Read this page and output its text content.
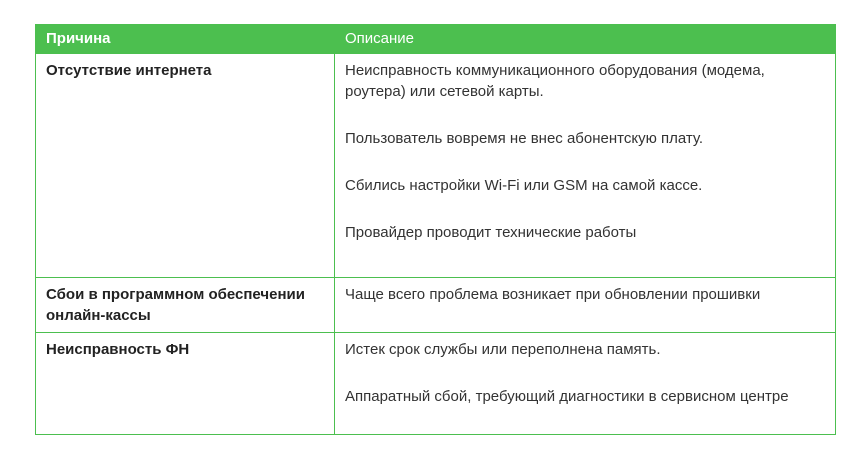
Причина	Описание
Отсутствие интернета	Неисправность коммуникационного оборудования (модема, роутера) или сетевой карты.

Пользователь вовремя не внес абонентскую плату.

Сбились настройки Wi-Fi или GSM на самой кассе.

Провайдер проводит технические работы

Сбои в программном обеспечении онлайн-кассы	Чаще всего проблема возникает при обновлении прошивки

Неисправность ФН	Истек срок службы или переполнена память.

Аппаратный сбой, требующий диагностики в сервисном центре
